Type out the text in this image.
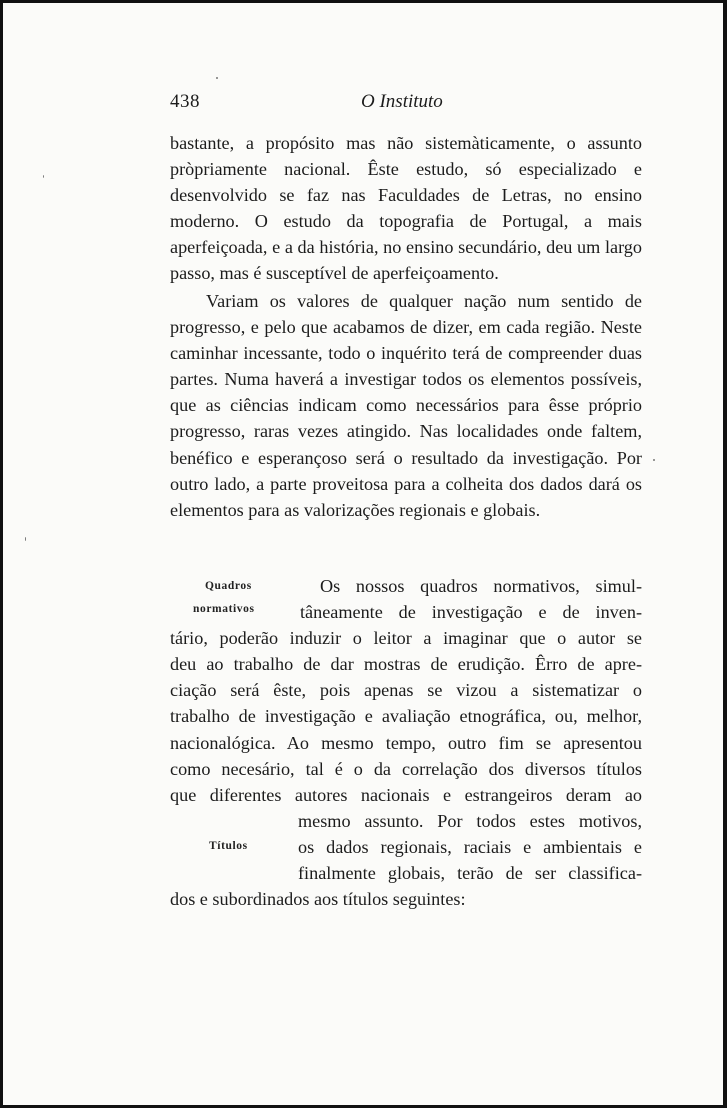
438	O Instituto

bastante, a propósito mas não sistemàticamente, o assunto pròpriamente nacional. Êste estudo, só especializado e desenvolvido se faz nas Faculdades de Letras, no ensino moderno. O estudo da topografia de Portugal, a mais aperfeiçoada, e a da história, no ensino secundário, deu um largo passo, mas é susceptível de aperfeiçoamento.

Variam os valores de qualquer nação num sentido de progresso, e pelo que acabamos de dizer, em cada região. Neste caminhar incessante, todo o inquérito terá de compreender duas partes. Numa haverá a investigar todos os elementos possíveis, que as ciências indicam como necessários para êsse próprio progresso, raras vezes atingido. Nas localidades onde faltem, benéfico e esperançoso será o resultado da investigação. Por outro lado, a parte proveitosa para a colheita dos dados dará os elementos para as valorizações regionais e globais.

Quadros
normativos
Títulos
Os nossos quadros normativos, simul-
tâneamente de investigação e de inven-
tário, poderão induzir o leitor a imaginar que o autor se
deu ao trabalho de dar mostras de erudição. Êrro de apre-
ciação será êste, pois apenas se vizou a sistematizar o
trabalho de investigação e avaliação etnográfica, ou, melhor,
nacionalógica. Ao mesmo tempo, outro fim se apresentou
como necesário, tal é o da correlação dos diversos títulos
que diferentes autores nacionais e estrangeiros deram ao
mesmo assunto. Por todos estes motivos,
os dados regionais, raciais e ambientais e
finalmente globais, terão de ser classifica-
dos e subordinados aos títulos seguintes:
